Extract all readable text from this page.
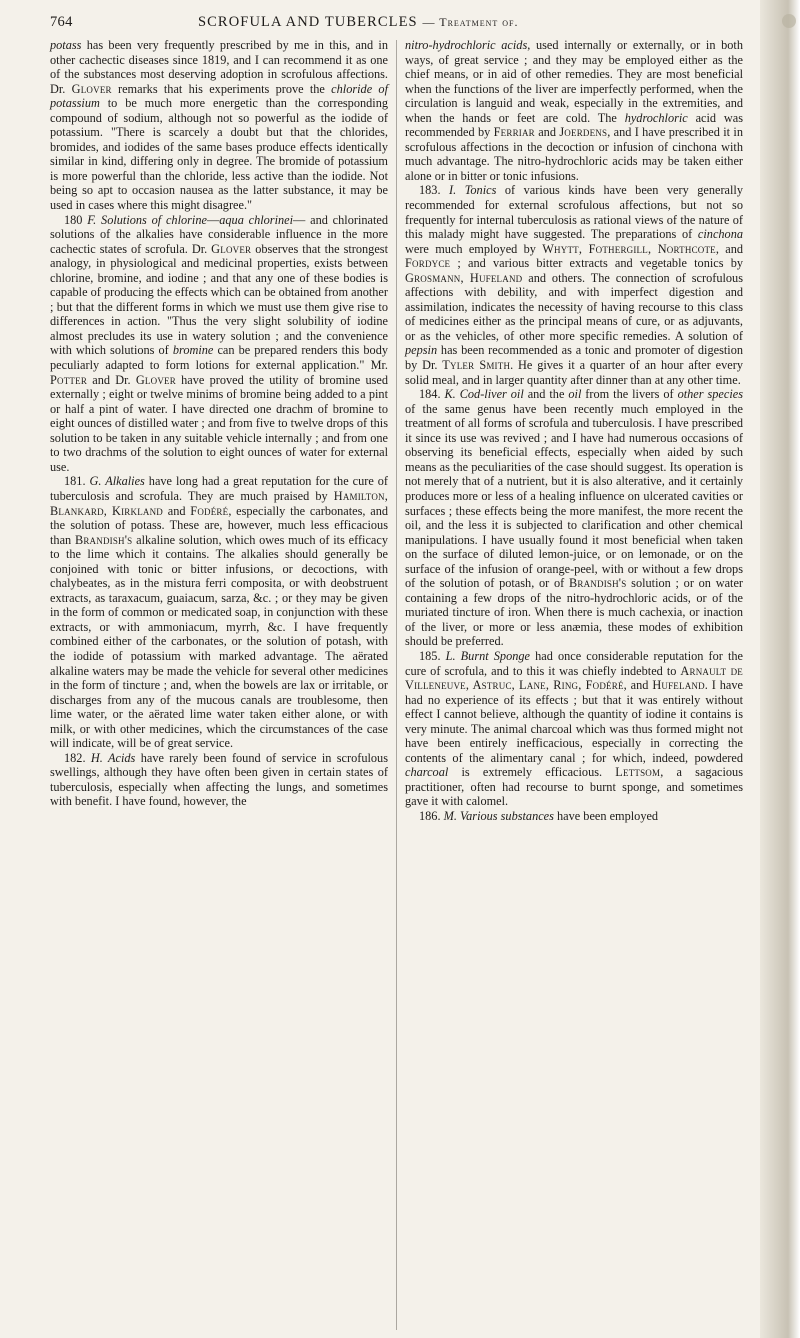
764	SCROFULA AND TUBERCLES — Treatment of.

potass has been very frequently prescribed by me in this, and in other cachectic diseases since 1819, and I can recommend it as one of the substances most deserving adoption in scrofulous affections. Dr. Glover remarks that his experiments prove the chloride of potassium to be much more energetic than the corresponding compound of sodium, although not so powerful as the iodide of potassium. "There is scarcely a doubt but that the chlorides, bromides, and iodides of the same bases produce effects identically similar in kind, differing only in degree. The bromide of potassium is more powerful than the chloride, less active than the iodide. Not being so apt to occasion nausea as the latter substance, it may be used in cases where this might disagree."

180 F. Solutions of chlorine—aqua chlorinei— and chlorinated solutions of the alkalies have considerable influence in the more cachectic states of scrofula. Dr. Glover observes that the strongest analogy, in physiological and medicinal properties, exists between chlorine, bromine, and iodine ; and that any one of these bodies is capable of producing the effects which can be obtained from another ; but that the different forms in which we must use them give rise to differences in action. "Thus the very slight solubility of iodine almost precludes its use in watery solution ; and the convenience with which solutions of bromine can be prepared renders this body peculiarly adapted to form lotions for external application." Mr. Potter and Dr. Glover have proved the utility of bromine used externally ; eight or twelve minims of bromine being added to a pint or half a pint of water. I have directed one drachm of bromine to eight ounces of distilled water ; and from five to twelve drops of this solution to be taken in any suitable vehicle internally ; and from one to two drachms of the solution to eight ounces of water for external use.

181. G. Alkalies have long had a great reputation for the cure of tuberculosis and scrofula. They are much praised by Hamilton, Blankard, Kirkland and Fodéré, especially the carbonates, and the solution of potass. These are, however, much less efficacious than Brandish's alkaline solution, which owes much of its efficacy to the lime which it contains. The alkalies should generally be conjoined with tonic or bitter infusions, or decoctions, with chalybeates, as in the mistura ferri composita, or with deobstruent extracts, as taraxacum, guaiacum, sarza, &c. ; or they may be given in the form of common or medicated soap, in conjunction with these extracts, or with ammoniacum, myrrh, &c. I have frequently combined either of the carbonates, or the solution of potash, with the iodide of potassium with marked advantage. The aërated alkaline waters may be made the vehicle for several other medicines in the form of tincture ; and, when the bowels are lax or irritable, or discharges from any of the mucous canals are troublesome, then lime water, or the aërated lime water taken either alone, or with milk, or with other medicines, which the circumstances of the case will indicate, will be of great service.

182. H. Acids have rarely been found of service in scrofulous swellings, although they have often been given in certain states of tuberculosis, especially when affecting the lungs, and sometimes with benefit. I have found, however, the

nitro-hydrochloric acids, used internally or externally, or in both ways, of great service ; and they may be employed either as the chief means, or in aid of other remedies. They are most beneficial when the functions of the liver are imperfectly performed, when the circulation is languid and weak, especially in the extremities, and when the hands or feet are cold. The hydrochloric acid was recommended by Ferriar and Joerdens, and I have prescribed it in scrofulous affections in the decoction or infusion of cinchona with much advantage. The nitro-hydrochloric acids may be taken either alone or in bitter or tonic infusions.

183. I. Tonics of various kinds have been very generally recommended for external scrofulous affections, but not so frequently for internal tuberculosis as rational views of the nature of this malady might have suggested. The preparations of cinchona were much employed by Whytt, Fothergill, Northcote, and Fordyce ; and various bitter extracts and vegetable tonics by Grosmann, Hufeland and others. The connection of scrofulous affections with debility, and with imperfect digestion and assimilation, indicates the necessity of having recourse to this class of medicines either as the principal means of cure, or as adjuvants, or as the vehicles, of other more specific remedies. A solution of pepsin has been recommended as a tonic and promoter of digestion by Dr. Tyler Smith. He gives it a quarter of an hour after every solid meal, and in larger quantity after dinner than at any other time.

184. K. Cod-liver oil and the oil from the livers of other species of the same genus have been recently much employed in the treatment of all forms of scrofula and tuberculosis. I have prescribed it since its use was revived ; and I have had numerous occasions of observing its beneficial effects, especially when aided by such means as the peculiarities of the case should suggest. Its operation is not merely that of a nutrient, but it is also alterative, and it certainly produces more or less of a healing influence on ulcerated cavities or surfaces ; these effects being the more manifest, the more recent the oil, and the less it is subjected to clarification and other chemical manipulations. I have usually found it most beneficial when taken on the surface of diluted lemon-juice, or on lemonade, or on the surface of the infusion of orange-peel, with or without a few drops of the solution of potash, or of Brandish's solution ; or on water containing a few drops of the nitro-hydrochloric acids, or of the muriated tincture of iron. When there is much cachexia, or inaction of the liver, or more or less anæmia, these modes of exhibition should be preferred.

185. L. Burnt Sponge had once considerable reputation for the cure of scrofula, and to this it was chiefly indebted to Arnault de Villeneuve, Astruc, Lane, Ring, Fodéré, and Hufeland. I have had no experience of its effects ; but that it was entirely without effect I cannot believe, although the quantity of iodine it contains is very minute. The animal charcoal which was thus formed might not have been entirely inefficacious, especially in correcting the contents of the alimentary canal ; for which, indeed, powdered charcoal is extremely efficacious. Lettsom, a sagacious practitioner, often had recourse to burnt sponge, and sometimes gave it with calomel.

186. M. Various substances have been employed
